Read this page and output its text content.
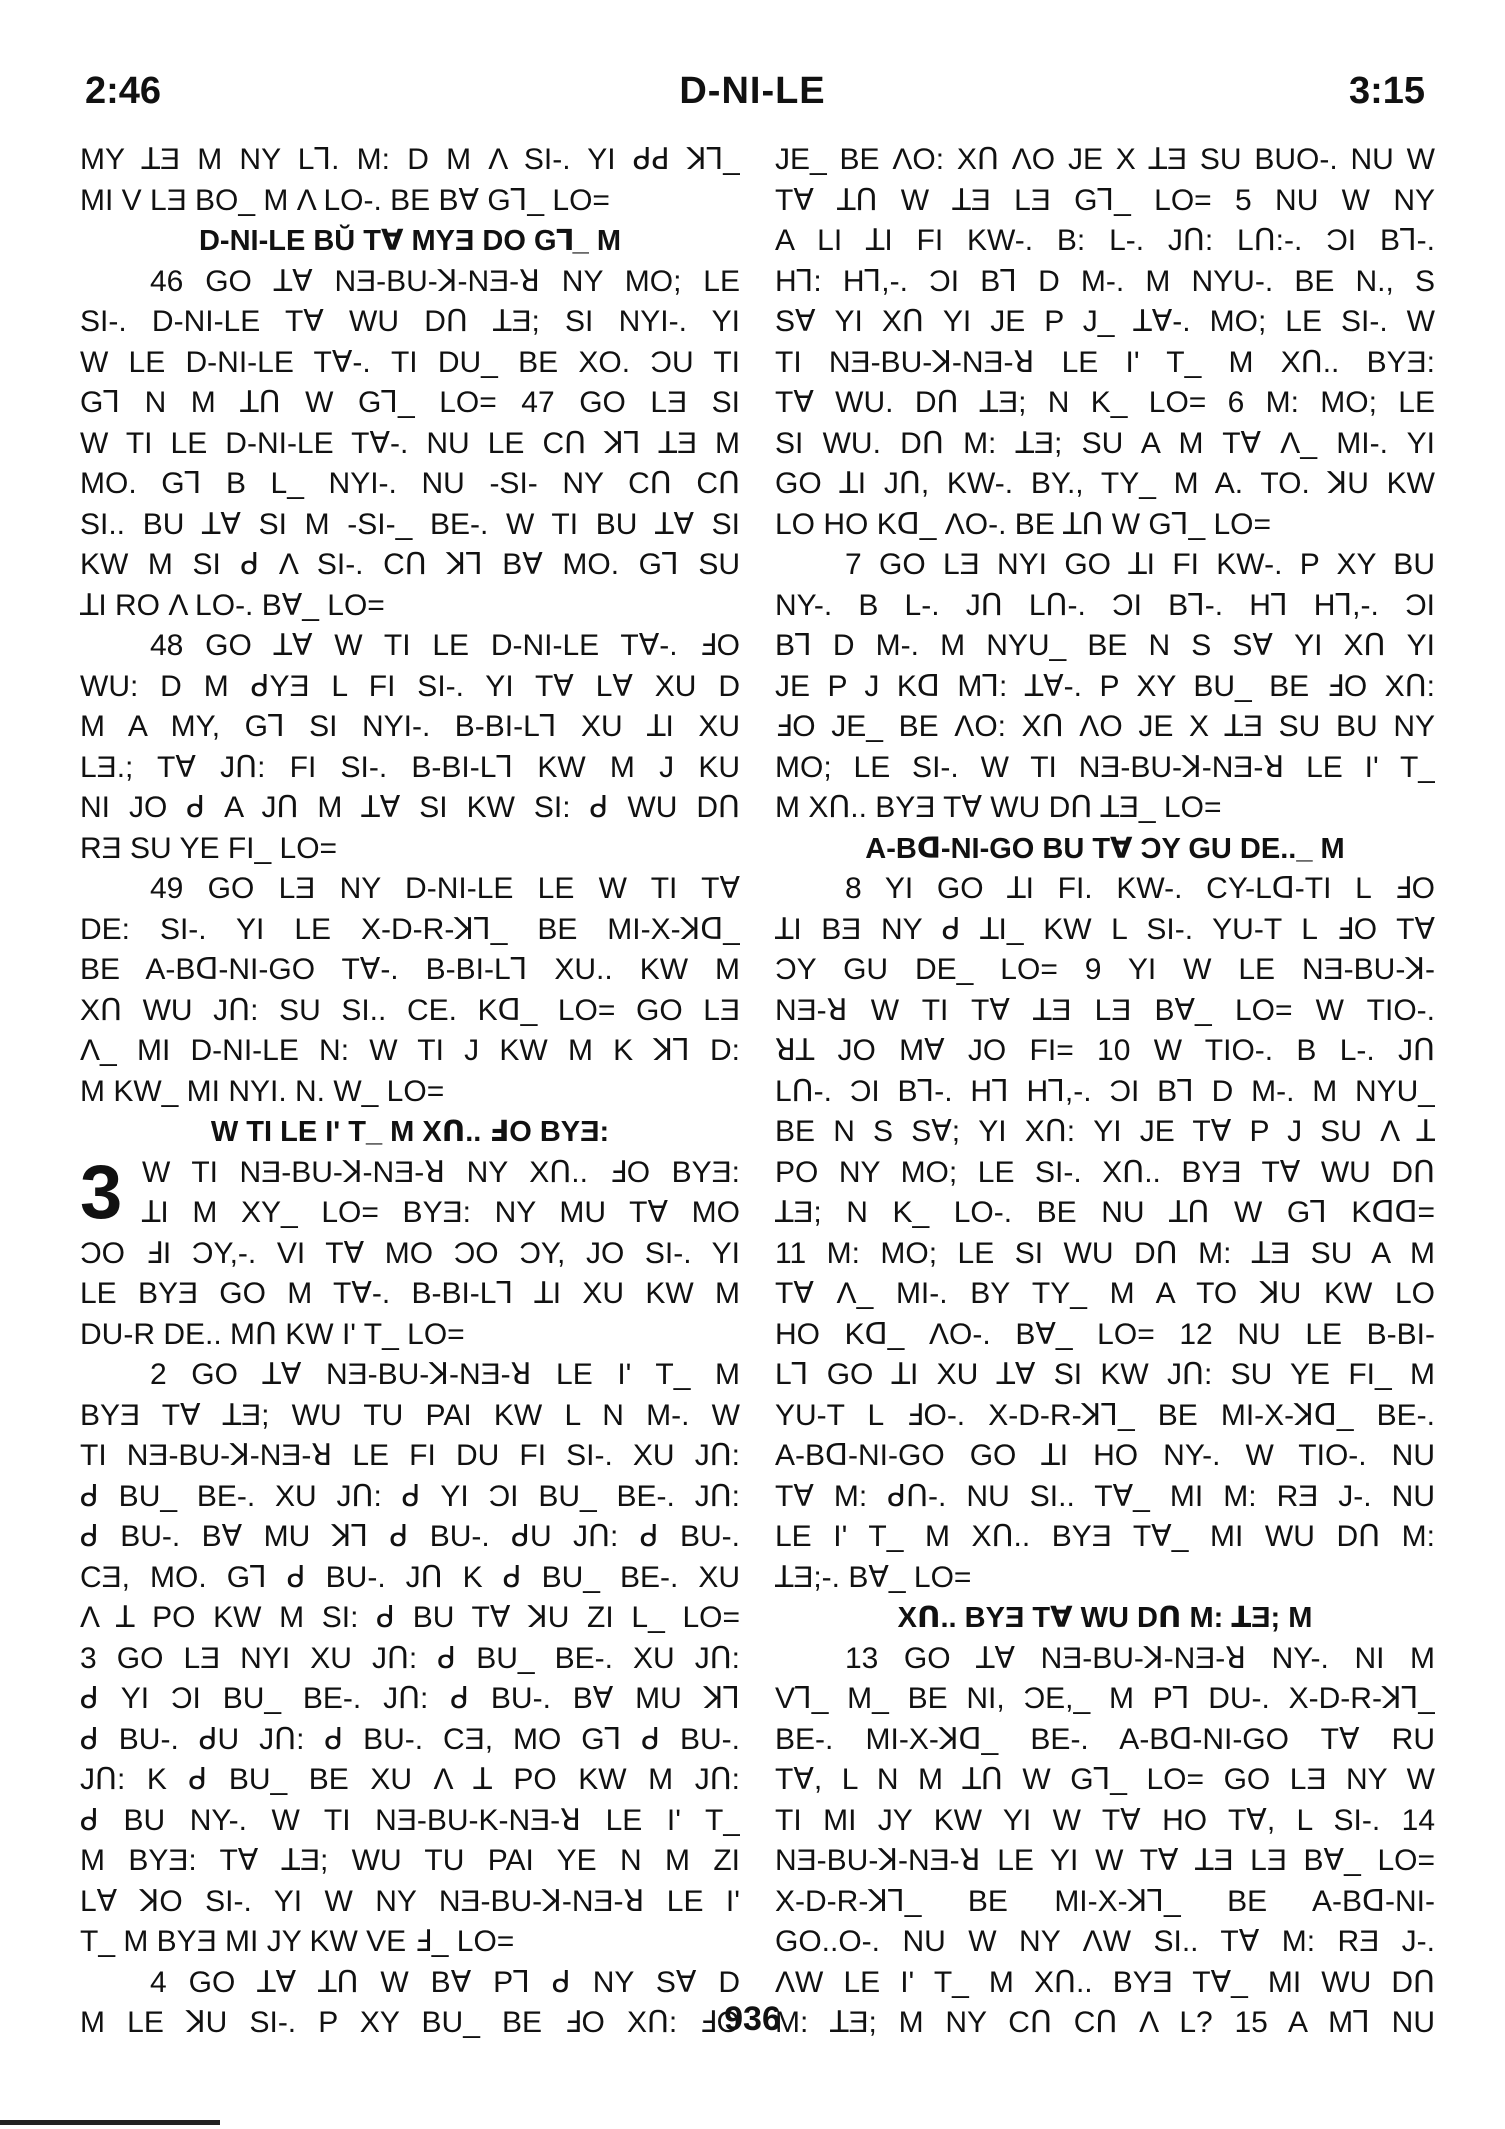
2:46	D-NI-LE	3:15
MY ꓕƎ M NY Lꓶ. M: D M Λ SI-. YI ᑯꓒ ꓘꓶ_
MI V LƎ BO_ M Λ LO-. BE Bꓯ Gꓶ_ LO=
D-NI-LE BŬ Tꓯ MYƎ DO Gꓶ_ M
46 GO ꓕꓯ NƎ-BU-ꓘ-NƎ-ꓤ NY MO; LE
SI-. D-NI-LE Tꓯ WU Dᑎ ꓕƎ; SI NYI-. YI
W LE D-NI-LE Tꓯ-. TI DU_ BE XO. ƆU TI
Gꓶ N M ꓕᑎ W Gꓶ_ LO= 47 GO LƎ SI
W TI LE D-NI-LE Tꓯ-. NU LE Cᑎ ꓘꓶ ꓕƎ M
MO. Gꓶ B L_ NYI-. NU -SI- NY Cᑎ Cᑎ
SI.. BU ꓕꓯ SI M -SI-_ BE-. W TI BU ꓕꓯ SI
KW M SI ᑯ Λ SI-. Cᑎ ꓘꓶ Bꓯ MO. Gꓶ SU
ꓕI RO Λ LO-. Bꓯ_ LO=
48 GO ꓕꓯ W TI LE D-NI-LE Tꓯ-. ꓞO
WU: D M ᑯYƎ L FI SI-. YI Tꓯ Lꓯ XU D
M A MY, Gꓶ SI NYI-. B-BI-Lꓶ XU ꓕI XU
LƎ.; Tꓯ Jᑎ: FI SI-. B-BI-Lꓶ KW M J KU
NI JO ᑯ A Jᑎ M ꓕꓯ SI KW SI: ᑯ WU Dᑎ
RƎ SU YE FI_ LO=
49 GO LƎ NY D-NI-LE LE W TI Tꓯ
DE: SI-. YI LE X-D-R-ꓘꓶ_ BE MI-X-ꓘᗡ_
BE A-Bᗡ-NI-GO Tꓯ-. B-BI-Lꓶ XU.. KW M
Xᑎ WU Jᑎ: SU SI.. CE. Kᗡ_ LO= GO LƎ
Λ_ MI D-NI-LE N: W TI J KW M K ꓘꓶ D:
M KW_ MI NYI. N. W_ LO=
W TI LE Iʹ T_ M Xᑎ.. ꓞO BYƎ:
3 W TI NƎ-BU-ꓘ-NƎ-ꓤ NY Xᑎ.. ꓞO BYƎ:
ꓕI M XY_ LO= BYƎ: NY MU Tꓯ MO
ƆO ꓞI ƆY,-. VI Tꓯ MO ƆO ƆY, JO SI-. YI
LE BYƎ GO M Tꓯ-. B-BI-Lꓶ ꓕI XU KW M
DU-R DE.. Mᑎ KW Iʹ T_ LO=
2 GO ꓕꓯ NƎ-BU-ꓘ-NƎ-ꓤ LE Iʹ T_ M
BYƎ Tꓯ ꓕƎ; WU TU PAI KW L N M-. W
TI NƎ-BU-ꓘ-NƎ-ꓤ LE FI DU FI SI-. XU Jᑎ:
ᑯ BU_ BE-. XU Jᑎ: ᑯ YI ƆI BU_ BE-. Jᑎ:
ᑯ BU-. Bꓯ MU ꓘꓶ ᑯ BU-. ᑯU Jᑎ: ᑯ BU-.
CƎ, MO. Gꓶ ᑯ BU-. Jᑎ K ᑯ BU_ BE-. XU
Λ ꓕ PO KW M SI: ᑯ BU Tꓯ ꓘU ZI L_ LO=
3 GO LƎ NYI XU Jᑎ: ᑯ BU_ BE-. XU Jᑎ:
ᑯ YI ƆI BU_ BE-. Jᑎ: ᑯ BU-. Bꓯ MU ꓘꓶ
ᑯ BU-. ᑯU Jᑎ: ᑯ BU-. CƎ, MO Gꓶ ᑯ BU-.
Jᑎ: K ᑯ BU_ BE XU Λ ꓕ PO KW M Jᑎ:
ᑯ BU NY-. W TI NƎ-BU-K-NƎ-ꓤ LE Iʹ T_
M BYƎ: Tꓯ ꓕƎ; WU TU PAI YE N M ZI
Lꓯ ꓘO SI-. YI W NY NƎ-BU-ꓘ-NƎ-ꓤ LE Iʹ
T_ M BYƎ MI JY KW VE ꓞ_ LO=
4 GO ꓕꓯ ꓕᑎ W Bꓯ Pꓶ ᑯ NY Sꓯ D
M LE ꓘU SI-. P XY BU_ BE ꓞO Xᑎ: ꓞO
JE_ BE ΛO: Xᑎ ΛO JE X ꓕƎ SU BUO-. NU W
Tꓯ ꓕᑎ W ꓕƎ LƎ Gꓶ_ LO= 5 NU W NY
A LI ꓕI FI KW-. B: L-. Jᑎ: Lᑎ:-. ƆI Bꓶ-.
Hꓶ: Hꓶ,-. ƆI Bꓶ D M-. M NYU-. BE N., S
Sꓯ YI Xᑎ YI JE P J_ ꓕꓯ-. MO; LE SI-. W
TI NƎ-BU-ꓘ-NƎ-ꓤ LE Iʹ T_ M Xᑎ.. BYƎ:
Tꓯ WU. Dᑎ ꓕƎ; N K_ LO= 6 M: MO; LE
SI WU. Dᑎ M: ꓕƎ; SU A M Tꓯ Λ_ MI-. YI
GO ꓕI Jᑎ, KW-. BY., TY_ M A. TO. ꓘU KW
LO HO Kᗡ_ ΛO-. BE ꓕᑎ W Gꓶ_ LO=
7 GO LƎ NYI GO ꓕI FI KW-. P XY BU
NY-. B L-. Jᑎ Lᑎ-. ƆI Bꓶ-. Hꓶ Hꓶ,-. ƆI
Bꓶ D M-. M NYU_ BE N S Sꓯ YI Xᑎ YI
JE P J Kᗡ Mꓶ: ꓕꓯ-. P XY BU_ BE ꓞO Xᑎ:
ꓞO JE_ BE ΛO: Xᑎ ΛO JE X ꓕƎ SU BU NY
MO; LE SI-. W TI NƎ-BU-ꓘ-NƎ-ꓤ LE Iʹ T_
M Xᑎ.. BYƎ Tꓯ WU Dᑎ ꓕƎ_ LO=
A-Bᗡ-NI-GO BU Tꓯ ƆY GU DE.._ M
8 YI GO ꓕI FI. KW-. CY-Lᗡ-TI L ꓞO
ꓕI BƎ NY ᑯ ꓕI_ KW L SI-. YU-T L ꓞO Tꓯ
ƆY GU DE_ LO= 9 YI W LE NƎ-BU-ꓘ-
NƎ-ꓤ W TI Tꓯ ꓕƎ LƎ Bꓯ_ LO= W TIO-.
ꓤꓕ JO Mꓯ JO FI= 10 W TIO-. B L-. Jᑎ
Lᑎ-. ƆI Bꓶ-. Hꓶ Hꓶ,-. ƆI Bꓶ D M-. M NYU_
BE N S Sꓯ; YI Xᑎ: YI JE Tꓯ P J SU Λ ꓕ
PO NY MO; LE SI-. Xᑎ.. BYƎ Tꓯ WU Dᑎ
ꓕƎ; N K_ LO-. BE NU ꓕᑎ W Gꓶ Kᗡᗡ=
11 M: MO; LE SI WU Dᑎ M: ꓕƎ SU A M
Tꓯ Λ_ MI-. BY TY_ M A TO ꓘU KW LO
HO Kᗡ_ ΛO-. Bꓯ_ LO= 12 NU LE B-BI-
Lꓶ GO ꓕI XU ꓕꓯ SI KW Jᑎ: SU YE FI_ M
YU-T L ꓞO-. X-D-R-ꓘꓶ_ BE MI-X-ꓘᗡ_ BE-.
A-Bᗡ-NI-GO GO ꓕI HO NY-. W TIO-. NU
Tꓯ M: ᑯᑎ-. NU SI.. Tꓯ_ MI M: RƎ J-. NU
LE Iʹ T_ M Xᑎ.. BYƎ Tꓯ_ MI WU Dᑎ M:
ꓕƎ;-. Bꓯ_ LO=
Xᑎ.. BYƎ Tꓯ WU Dᑎ M: ꓕƎ; M
13 GO ꓕꓯ NƎ-BU-ꓘ-NƎ-ꓤ NY-. NI M
Vꓶ_ M_ BE NI, ƆE,_ M Pꓶ DU-. X-D-R-ꓘꓶ_
BE-. MI-X-ꓘᗡ_ BE-. A-Bᗡ-NI-GO Tꓯ RU
Tꓯ, L N M ꓕᑎ W Gꓶ_ LO= GO LƎ NY W
TI MI JY KW YI W Tꓯ HO Tꓯ, L SI-. 14
NƎ-BU-ꓘ-NƎ-ꓤ LE YI W Tꓯ ꓕƎ LƎ Bꓯ_ LO=
X-D-R-ꓘꓶ_ BE MI-X-ꓘꓶ_ BE A-Bᗡ-NI-
GO..O-. NU W NY ΛW SI.. Tꓯ M: RƎ J-.
ΛW LE Iʹ T_ M Xᑎ.. BYƎ Tꓯ_ MI WU Dᑎ
M: ꓕƎ; M NY Cᑎ Cᑎ Λ L? 15 A Mꓶ NU
936
